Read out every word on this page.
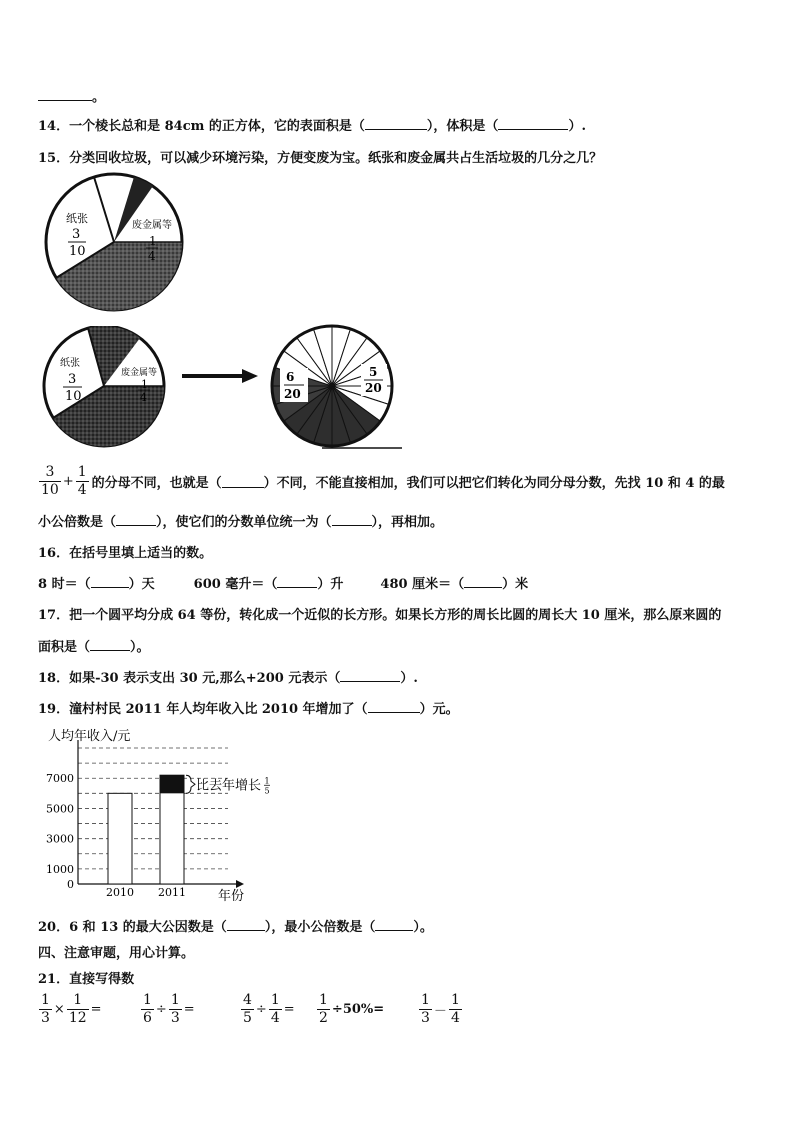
。
14．一个棱长总和是 84cm 的正方体，它的表面积是（	），体积是（	）.
15．分类回收垃圾，可以减少环境污染，方便变废为宝。纸张和废金属共占生活垃圾的几分之几？
纸张
3
10
废金属等
1
4
纸张
3
10
废金属等
1
4
6
20
5
20
$\frac{3}{10} + \frac{1}{4}$ 的分母不同，也就是（	）不同，不能直接相加，我们可以把它们转化为同分母分数，先找 10 和 4 的最
小公倍数是（	），使它们的分数单位统一为（	），再相加。
16．在括号里填上适当的数。
8 时＝（	）天	600 毫升＝（	）升	480 厘米＝（	）米
17．把一个圆平均分成 64 等份，转化成一个近似的长方形。如果长方形的周长比圆的周长大 10 厘米，那么原来圆的
面积是（	）。
18．如果-30 表示支出 30 元,那么+200 元表示（	）.
19．潼村村民 2011 年人均年收入比 2010 年增加了（	）元。
人均年收入/元
年份
0
1000
3000
5000
7000
2010 2011
比去年增长 1
5
20．6 和 13 的最大公因数是（	），最小公倍数是（	）。
四、注意审题，用心计算。
21．直接写得数
$\frac{1}{3} \times \frac{1}{12}$ =	$\frac{1}{6} \div \frac{1}{3}$ =	$\frac{4}{5} \div \frac{1}{4} = \frac{1}{2} \div 50\%= \frac{1}{3} - \frac{1}{4}$
